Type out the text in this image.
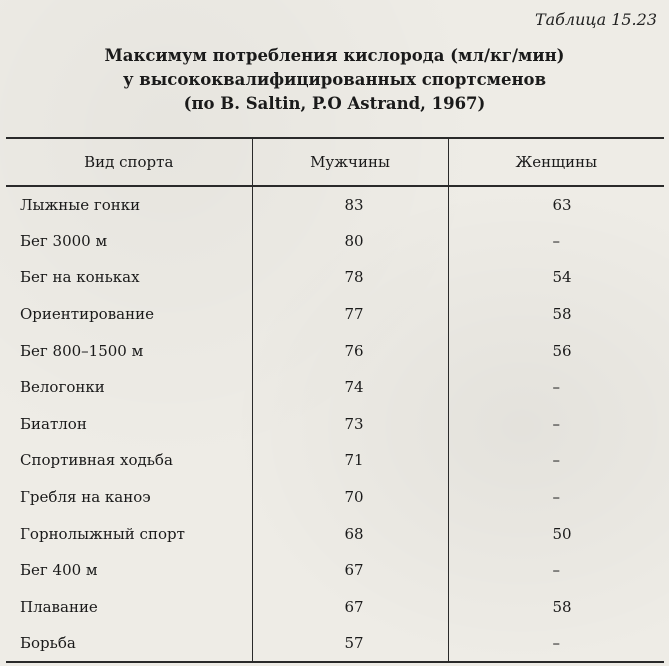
Таблица 15.23
Максимум потребления кислорода (мл/кг/мин)
у высококвалифицированных спортсменов
(по B. Saltin, P.O Astrand, 1967)
Вид спорта	Мужчины	Женщины
Лыжные гонки	83	63
Бег 3000 м	80	–
Бег на коньках	78	54
Ориентирование	77	58
Бег 800–1500 м	76	56
Велогонки	74	–
Биатлон	73	–
Спортивная ходьба	71	–
Гребля на каноэ	70	–
Горнолыжный спорт	68	50
Бег 400 м	67	–
Плавание	67	58
Борьба	57	–
